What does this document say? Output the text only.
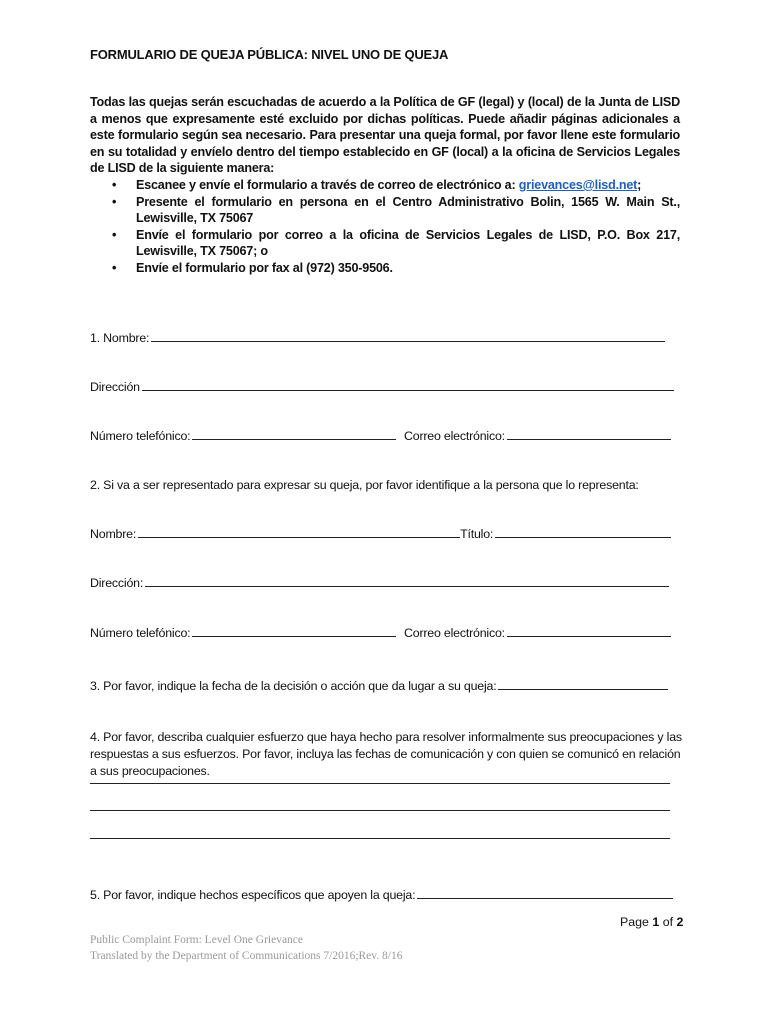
FORMULARIO DE QUEJA PÚBLICA: NIVEL UNO DE QUEJA
Todas las quejas serán escuchadas de acuerdo a la Política de GF (legal) y (local) de la Junta de LISD a menos que expresamente esté excluido por dichas políticas. Puede añadir páginas adicionales a este formulario según sea necesario. Para presentar una queja formal, por favor llene este formulario en su totalidad y envíelo dentro del tiempo establecido en GF (local) a la oficina de Servicios Legales de LISD de la siguiente manera:
• Escanee y envíe el formulario a través de correo de electrónico a: grievances@lisd.net;
• Presente el formulario en persona en el Centro Administrativo Bolin, 1565 W. Main St., Lewisville, TX 75067
• Envíe el formulario por correo a la oficina de Servicios Legales de LISD, P.O. Box 217, Lewisville, TX 75067; o
• Envíe el formulario por fax al (972) 350-9506.
1. Nombre:
Dirección
Número telefónico:	Correo electrónico:
2. Si va a ser representado para expresar su queja, por favor identifique a la persona que lo representa:
Nombre:	Título:
Dirección:
Número telefónico:	Correo electrónico:
3. Por favor, indique la fecha de la decisión o acción que da lugar a su queja:
4. Por favor, describa cualquier esfuerzo que haya hecho para resolver informalmente sus preocupaciones y las respuestas a sus esfuerzos. Por favor, incluya las fechas de comunicación y con quien se comunicó en relación a sus preocupaciones.
5. Por favor, indique hechos específicos que apoyen la queja:
Page 1 of 2
Public Complaint Form: Level One Grievance
Translated by the Department of Communications 7/2016;Rev. 8/16
